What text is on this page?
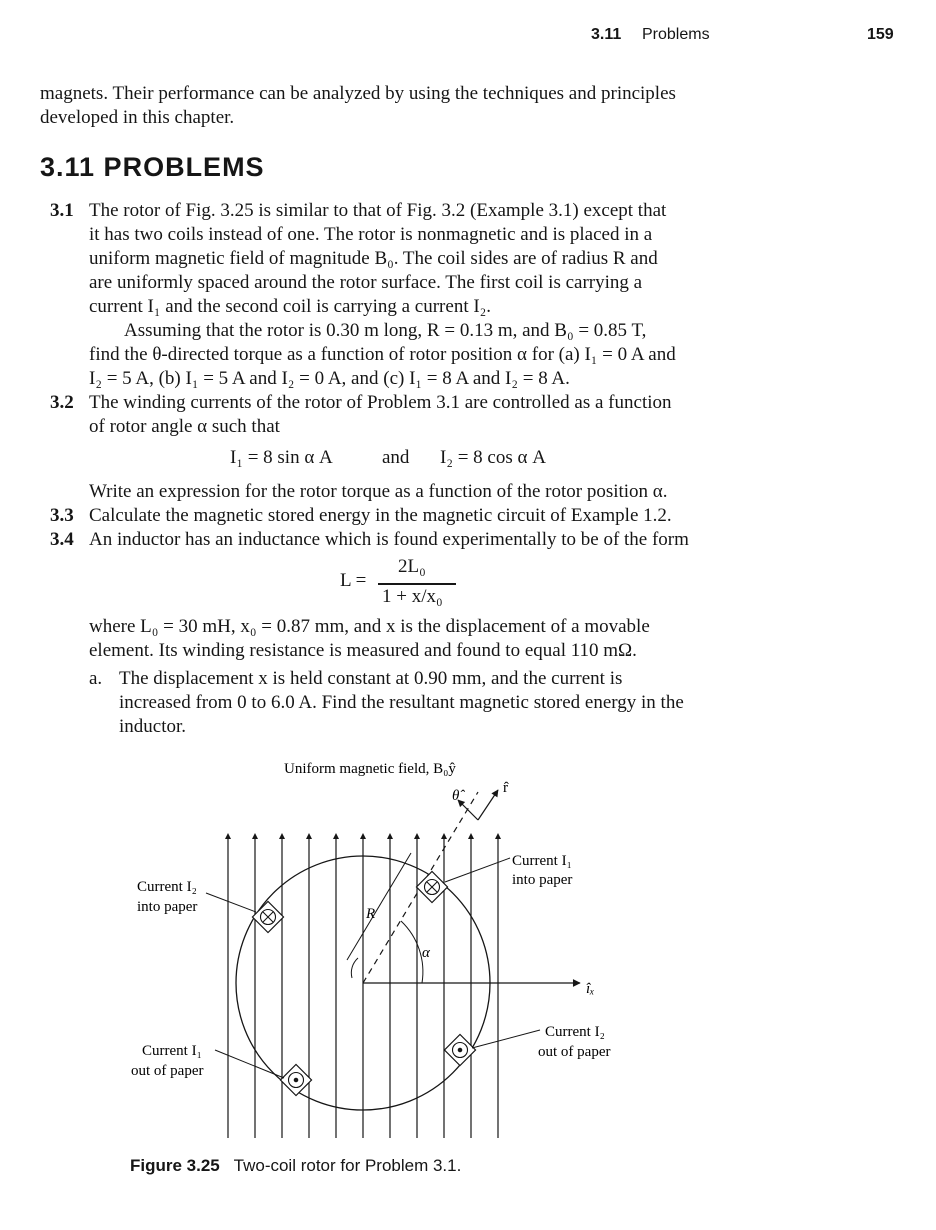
3.11 Problems	159
magnets. Their performance can be analyzed by using the techniques and principles
developed in this chapter.
3.11 PROBLEMS
3.1 The rotor of Fig. 3.25 is similar to that of Fig. 3.2 (Example 3.1) except that
it has two coils instead of one. The rotor is nonmagnetic and is placed in a
uniform magnetic field of magnitude B₀. The coil sides are of radius R and
are uniformly spaced around the rotor surface. The first coil is carrying a
current I₁ and the second coil is carrying a current I₂.
Assuming that the rotor is 0.30 m long, R = 0.13 m, and B₀ = 0.85 T,
find the θ-directed torque as a function of rotor position α for (a) I₁ = 0 A and
I₂ = 5 A, (b) I₁ = 5 A and I₂ = 0 A, and (c) I₁ = 8 A and I₂ = 8 A.
3.2 The winding currents of the rotor of Problem 3.1 are controlled as a function
of rotor angle α such that
I₁ = 8 sin α A	and I₂ = 8 cos α A
Write an expression for the rotor torque as a function of the rotor position α.
3.3 Calculate the magnetic stored energy in the magnetic circuit of Example 1.2.
3.4 An inductor has an inductance which is found experimentally to be of the form
L =
2L₀
1 + x/x₀
where L₀ = 30 mH, x₀ = 0.87 mm, and x is the displacement of a movable
element. Its winding resistance is measured and found to equal 110 mΩ.
a. The displacement x is held constant at 0.90 mm, and the current is
increased from 0 to 6.0 A. Find the resultant magnetic stored energy in the
inductor.
Uniform magnetic field, B₀ŷ
θ̂	r̂
Current I₁
into paper
Current I₂
into paper
Current I₂
out of paper
Current I₁
out of paper
R
α
îₓ
Figure 3.25 Two-coil rotor for Problem 3.1.
